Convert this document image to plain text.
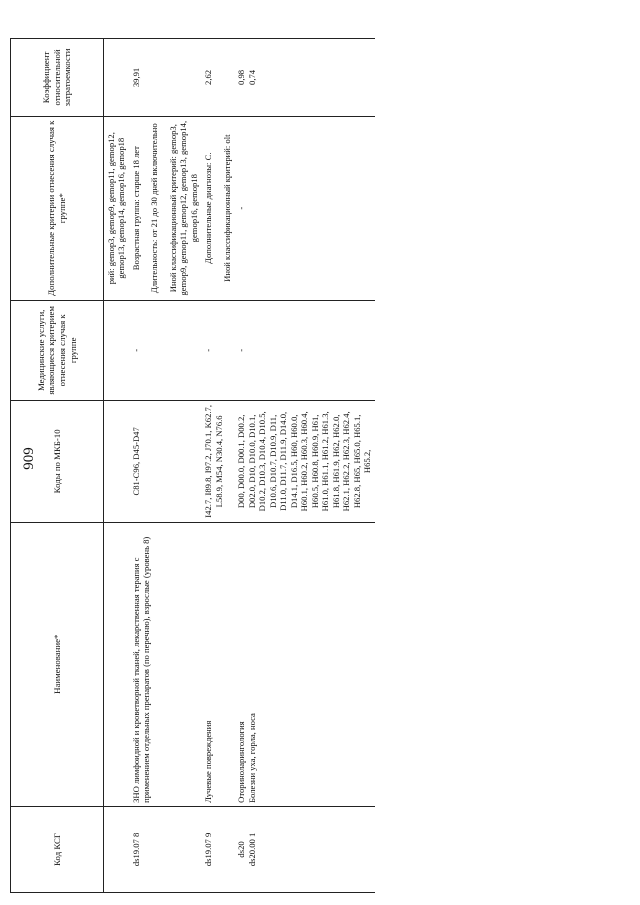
606
Код КСГ	Наименование*	Коды по МКБ-10	Медицинские услуги, являющиеся критерием отнесения случая к группе	Дополнительные критерии отнесения случая к группе*	Коэффициент относительной затратоемкости
				рий: gemop3, gemop9, gemop11, gemop12, gemop13, gemop14, gemop16, gemop18	
ds19.07 8	ЗНО лимфоидной и кроветворной тканей, лекарственная терапия с применением отдельных препаратов (по перечню), взрослые (уровень 8)	C81-C96, D45-D47	-	Возрастная группа: старше 18 лет Длительность: от 21 до 30 дней включительно Иной классификационный критерий: gemop3, gemop9, gemop11, gemop12, gemop13, gemop14, gemop16, gemop18	39,91
ds19.07 9	Лучевые повреждения	I42.7, I89.8, I97.2, J70.1, K62.7, L58.9, M54, N30.4, N76.6	-	Дополнительные диагнозы: C. Иной классификационный критерий: olt	2,62

ds20 ds20.00 1	Оториноларингология Болезни уха, горла, носа	D00, D00.0, D00.1, D00.2, D02.0, D10, D10.0, D10.1, D10.2, D10.3, D10.4, D10.5, D10.6, D10.7, D10.9, D11, D11.0, D11.7, D11.9, D14.0, D14.1, D16.5, H60, H60.0, H60.1, H60.2, H60.3, H60.4, H60.5, H60.8, H60.9, H61, H61.0, H61.1, H61.2, H61.3, H61.8, H61.9, H62, H62.0, H62.1, H62.2, H62.3, H62.4, H62.8, H65, H65.0, H65.1, H65.2,	-	-	0,98 0,74
